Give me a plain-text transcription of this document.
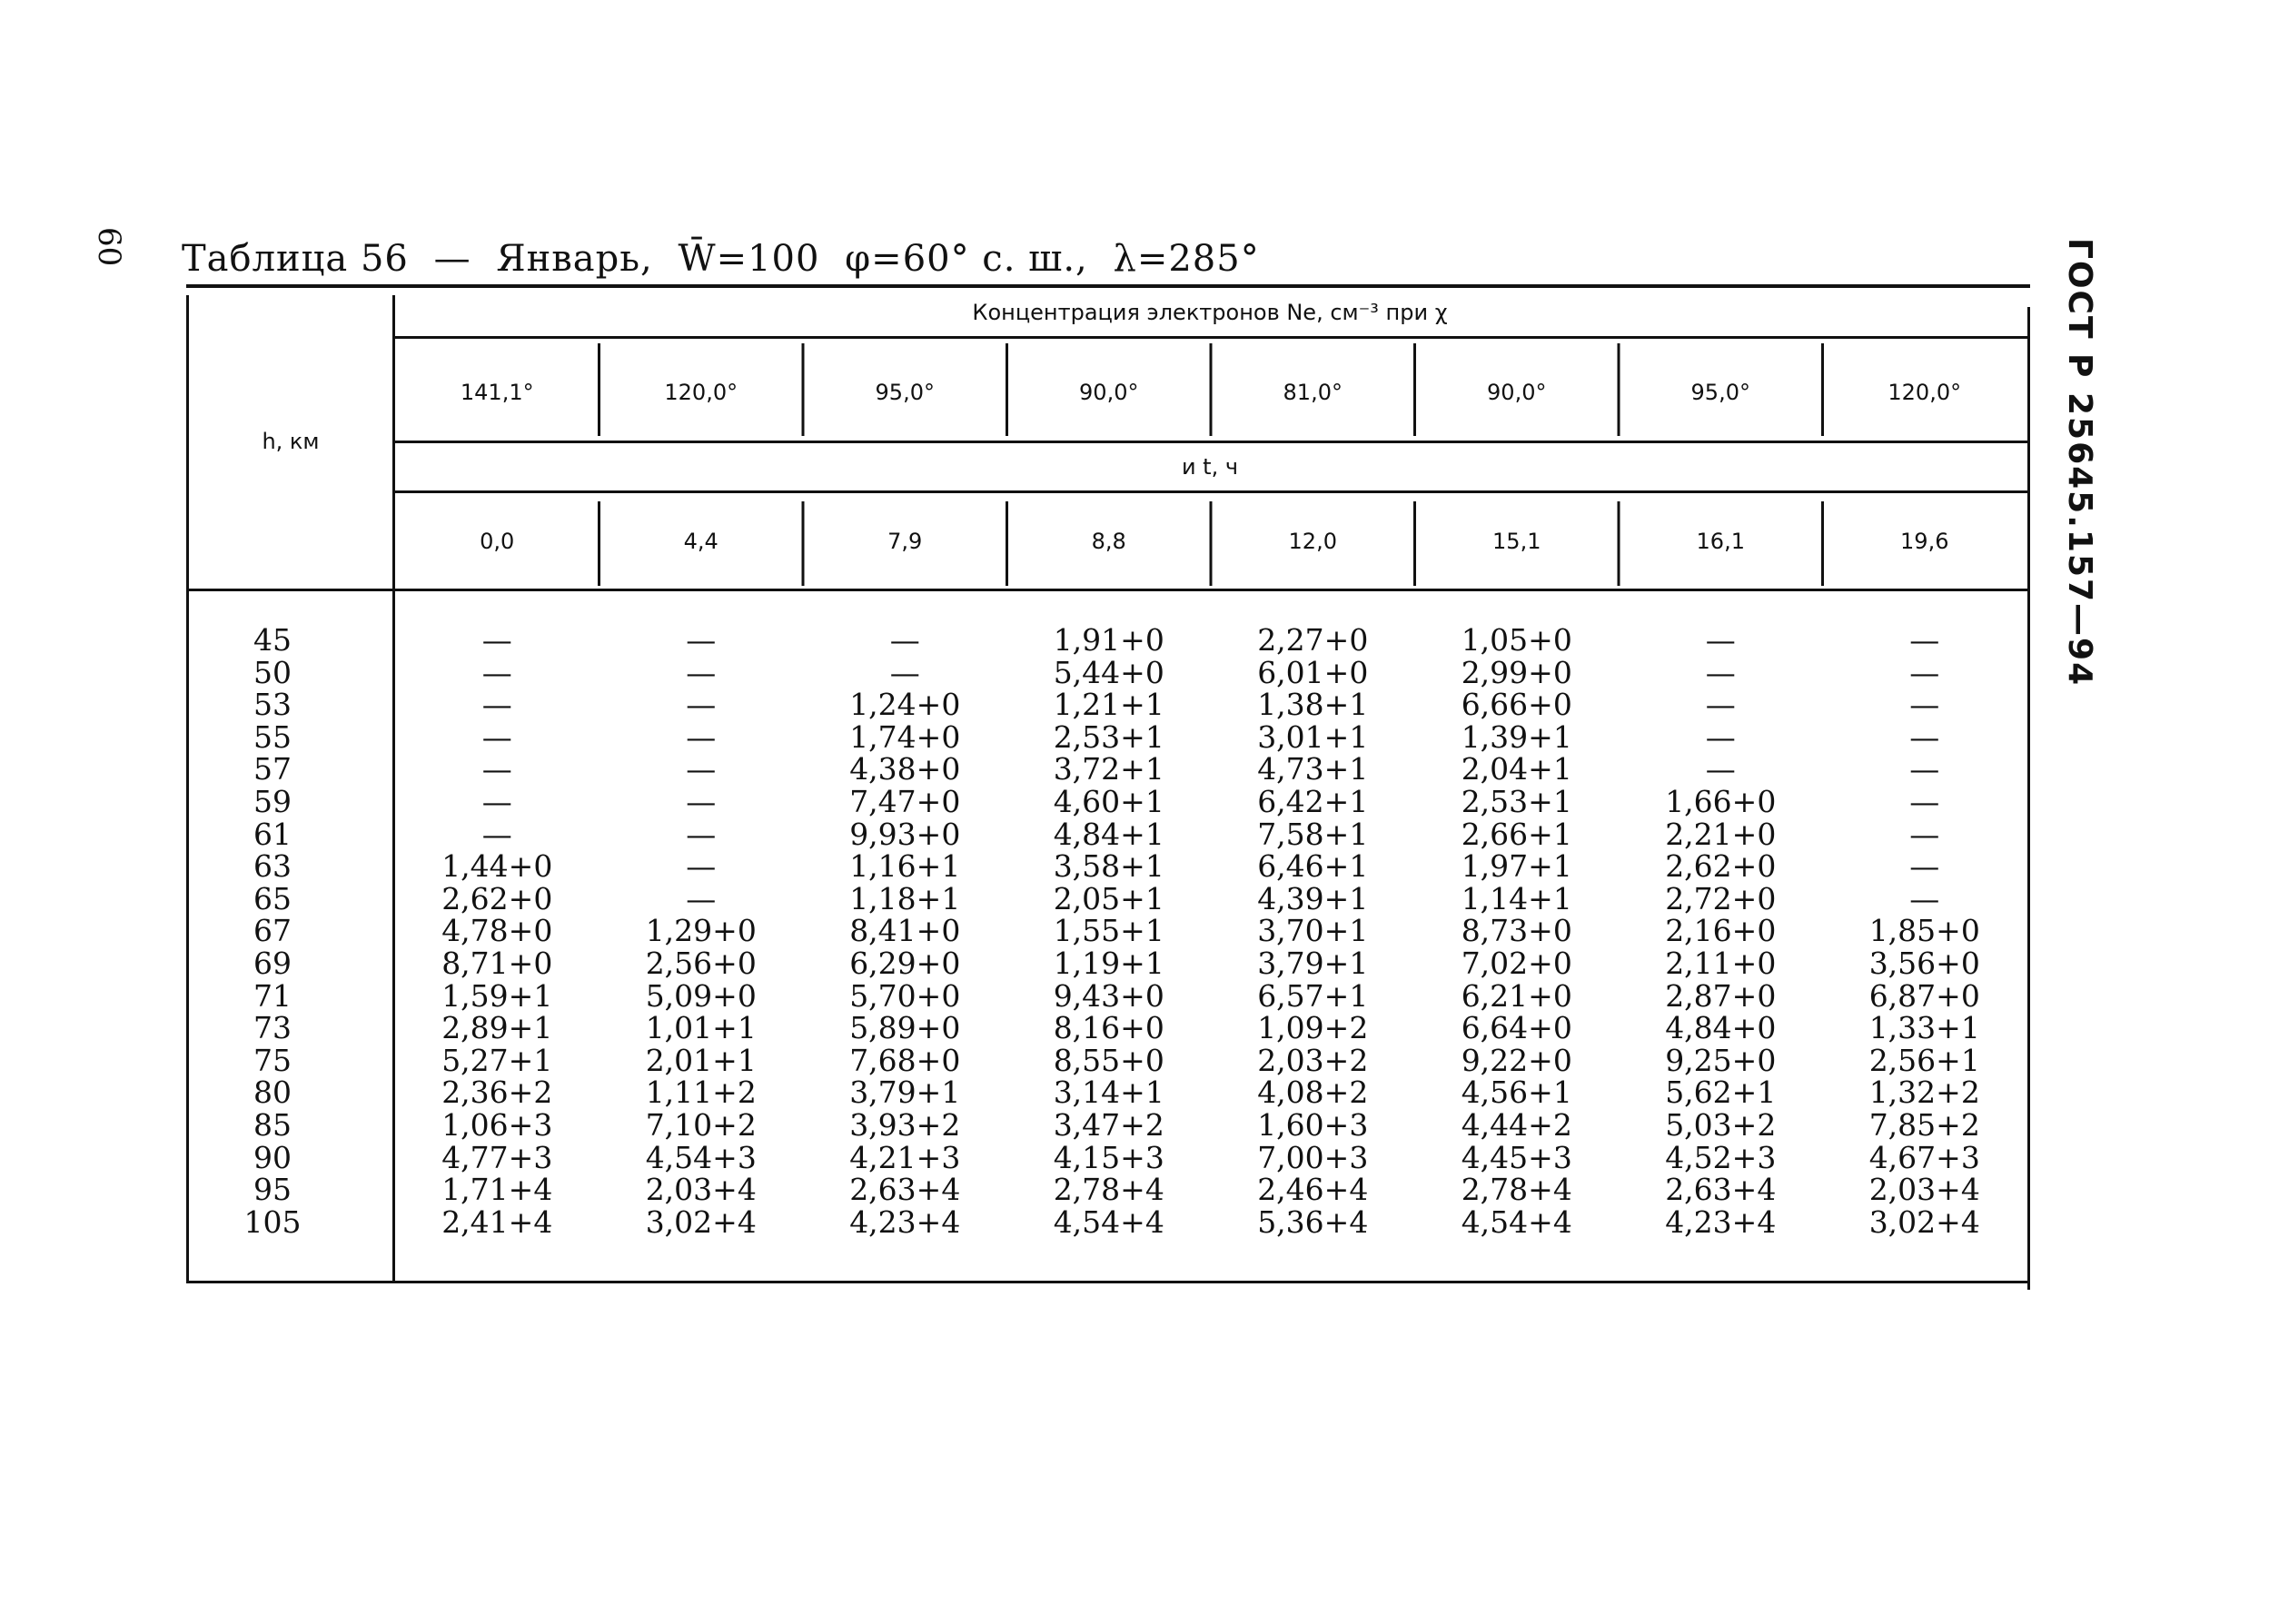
60 Таблица 56 — Январь, W̄=100 φ=60° с. ш., λ=285°	ГОСТ Р 25645.157—94
h, км
Концентрация электронов Ne, см⁻³ при χ
и t, ч
141,1°	120,0°	95,0°	90,0°	81,0°	90,0°	95,0°	120,0°
0,0	4,4	7,9	8,8	12,0	15,1	16,1	19,6
45	—	—	—	1,91+0	2,27+0	1,05+0	—	—
50	—	—	—	5,44+0	6,01+0	2,99+0	—	—
53	—	—	1,24+0	1,21+1	1,38+1	6,66+0	—	—
55	—	—	1,74+0	2,53+1	3,01+1	1,39+1	—	—
57	—	—	4,38+0	3,72+1	4,73+1	2,04+1	—	—
59	—	—	7,47+0	4,60+1	6,42+1	2,53+1	1,66+0	—
61	—	—	9,93+0	4,84+1	7,58+1	2,66+1	2,21+0	—
63	1,44+0	—	1,16+1	3,58+1	6,46+1	1,97+1	2,62+0	—
65	2,62+0	—	1,18+1	2,05+1	4,39+1	1,14+1	2,72+0	—
67	4,78+0	1,29+0	8,41+0	1,55+1	3,70+1	8,73+0	2,16+0	1,85+0
69	8,71+0	2,56+0	6,29+0	1,19+1	3,79+1	7,02+0	2,11+0	3,56+0
71	1,59+1	5,09+0	5,70+0	9,43+0	6,57+1	6,21+0	2,87+0	6,87+0
73	2,89+1	1,01+1	5,89+0	8,16+0	1,09+2	6,64+0	4,84+0	1,33+1
75	5,27+1	2,01+1	7,68+0	8,55+0	2,03+2	9,22+0	9,25+0	2,56+1
80	2,36+2	1,11+2	3,79+1	3,14+1	4,08+2	4,56+1	5,62+1	1,32+2
85	1,06+3	7,10+2	3,93+2	3,47+2	1,60+3	4,44+2	5,03+2	7,85+2
90	4,77+3	4,54+3	4,21+3	4,15+3	7,00+3	4,45+3	4,52+3	4,67+3
95	1,71+4	2,03+4	2,63+4	2,78+4	2,46+4	2,78+4	2,63+4	2,03+4
105	2,41+4	3,02+4	4,23+4	4,54+4	5,36+4	4,54+4	4,23+4	3,02+4
